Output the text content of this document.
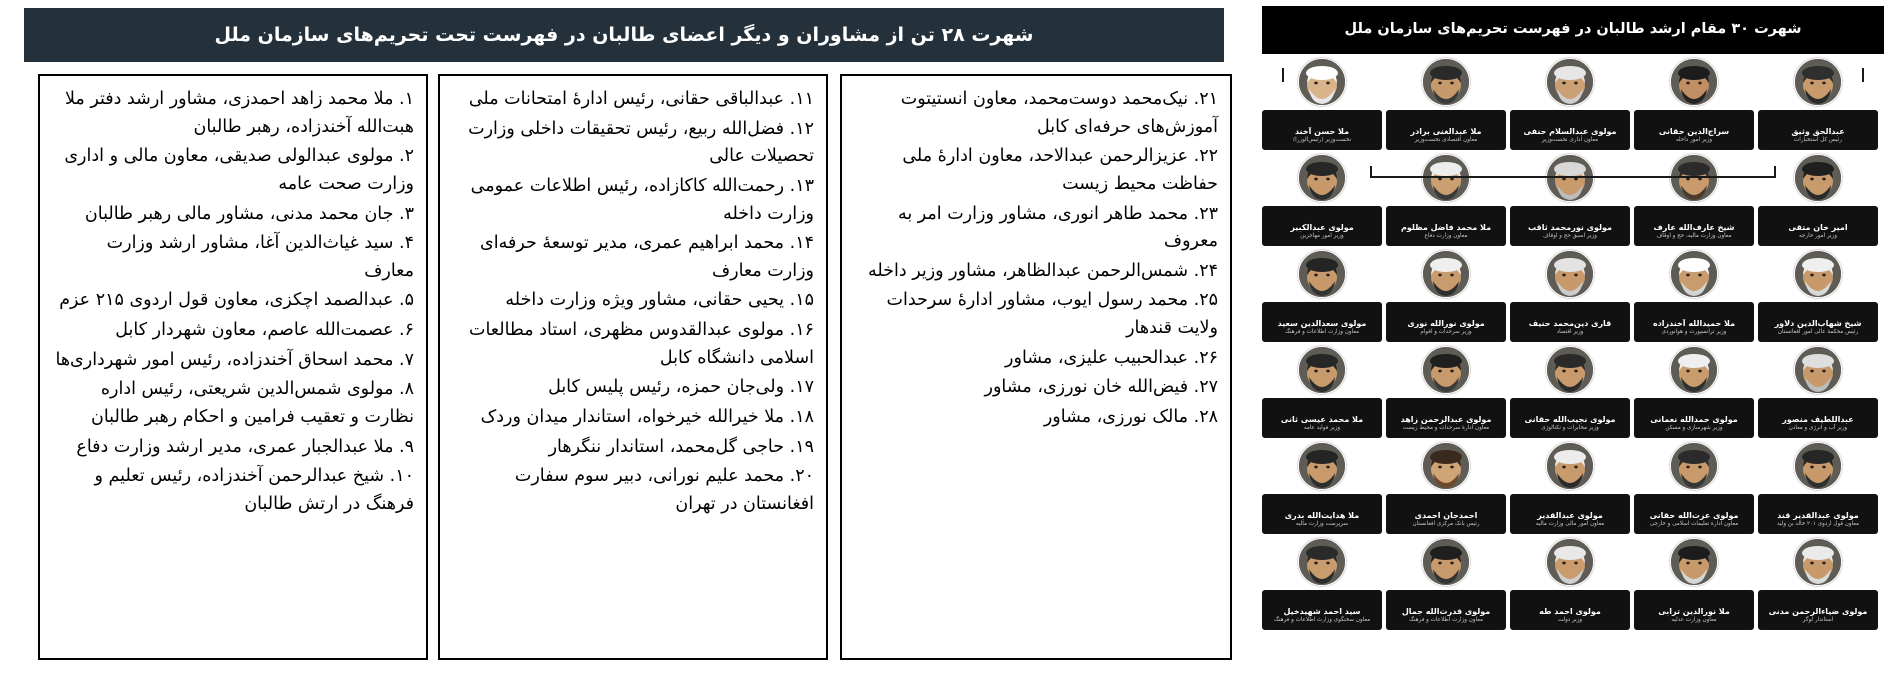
شهرت ۲۸ تن از مشاوران و دیگر اعضای طالبان در فهرست تحت تحریم‌های سازمان ملل

۲۱. نیک‌محمد دوست‌محمد، معاون انستیتوت آموزش‌های حرفه‌ای کابل

۲۲. عزیزالرحمن عبدالاحد، معاون ادارۀ ملی حفاظت محیط زیست

۲۳. محمد طاهر انوری، مشاور وزارت امر به معروف

۲۴. شمس‌الرحمن عبدالظاهر، مشاور وزیر داخله

۲۵. محمد رسول ایوب، مشاور ادارۀ سرحدات ولایت قندهار

۲۶. عبدالحبیب علیزی، مشاور

۲۷. فیض‌الله خان نورزی، مشاور

۲۸. مالک نورزی، مشاور

۱۱. عبدالباقی حقانی، رئیس ادارۀ امتحانات ملی

۱۲. فضل‌الله ربیع، رئیس تحقیقات داخلی وزارت تحصیلات عالی

۱۳. رحمت‌الله کاکازاده، رئیس اطلاعات عمومی وزارت داخله

۱۴. محمد ابراهیم عمری، مدیر توسعۀ حرفه‌ای وزارت معارف

۱۵. یحیی حقانی، مشاور ویژه وزارت داخله

۱۶. مولوی عبدالقدوس مظهری، استاد مطالعات اسلامی دانشگاه کابل

۱۷. ولی‌جان حمزه، رئیس پلیس کابل

۱۸. ملا خیرالله خیرخواه، استاندار میدان وردک

۱۹. حاجی گل‌محمد، استاندار ننگرهار

۲۰. محمد علیم نورانی، دبیر سوم سفارت افغانستان در تهران

۱. ملا محمد زاهد احمدزی، مشاور ارشد دفتر ملا هبت‌الله آخندزاده، رهبر طالبان

۲. مولوی عبدالولی صدیقی، معاون مالی و اداری وزارت صحت عامه

۳. جان محمد مدنی، مشاور مالی رهبر طالبان

۴. سید غیاث‌الدین آغا، مشاور ارشد وزارت معارف

۵. عبدالصمد اچکزی، معاون قول اردوی ۲۱۵ عزم

۶. عصمت‌الله عاصم، معاون شهردار کابل

۷. محمد اسحاق آخندزاده، رئیس امور شهرداری‌ها

۸. مولوی شمس‌الدین شریعتی، رئیس اداره نظارت و تعقیب فرامین و احکام رهبر طالبان

۹. ملا عبدالجبار عمری، مدیر ارشد وزارت دفاع

۱۰. شیخ عبدالرحمن آخندزاده، رئیس تعلیم و فرهنگ در ارتش طالبان

شهرت ۳۰ مقام ارشد طالبان در فهرست تحریم‌های سازمان ملل
ملا حسن آخند
نخست‌وزیر (رئیس‌الوزرا)
ملا عبدالغنی برادر
معاون اقتصادی نخست‌وزیر
مولوی عبدالسلام حنفی
معاون اداری نخست‌وزیر
سراج‌الدین حقانی
وزیر امور داخله
عبدالحق وثیق
رئیس کل استخبارات
مولوی عبدالکبیر
وزیر امور مهاجرین
ملا محمد فاضل مظلوم
معاون وزارت دفاع
مولوی نورمحمد ثاقب
وزیر اسبق حج و اوقاف
شیخ عارف‌الله عارف
معاون وزارت مالیه، حج و اوقاف
امیر خان متقی
وزیر امور خارجه
مولوی سعدالدین سعید
معاون وزارت اطلاعات و فرهنگ
مولوی نورالله نوری
وزیر سرحدات و اقوام
قاری دین‌محمد حنیف
وزیر اقتصاد
ملا حمیدالله آخندزاده
وزیر ترانسپورت و هوانوردی
شیخ شهاب‌الدین دلاور
رئیس محکمۀ عالی امور افغانستان
ملا محمد عیسی ثانی
وزیر فواید عامه
مولوی عبدالرحمن زاهد
معاون ادارۀ سرحدات و محیط زیست
مولوی نجیب‌الله حقانی
وزیر مخابرات و تکنالوژی
مولوی حمدالله نعمانی
وزیر شهرسازی و مسکن
عبداللطیف منصور
وزیر آب و انرژی و معادن
ملا هدایت‌الله بدری
سرپرست وزارت مالیه
احمدجان احمدی
رئیس بانک مرکزی افغانستان
مولوی عبدالقدیر
معاون امور مالی وزارت مالیه
مولوی عزت‌الله حقانی
معاون ادارۀ تعلیمات اسلامی و خارجی
مولوی عبدالقدیر قند
معاون قول اردوی ۲۰۱ خالد بن ولید
سید احمد شهیدخیل
معاون سخنگوی وزارت اطلاعات و فرهنگ
مولوی قدرت‌الله جمال
معاون وزارت اطلاعات و فرهنگ
مولوی احمد طه
وزیر دولت
ملا نورالدین ترابی
معاون وزارت عدلیه
مولوی ضیاءالرحمن مدنی
استاندار لوگر
